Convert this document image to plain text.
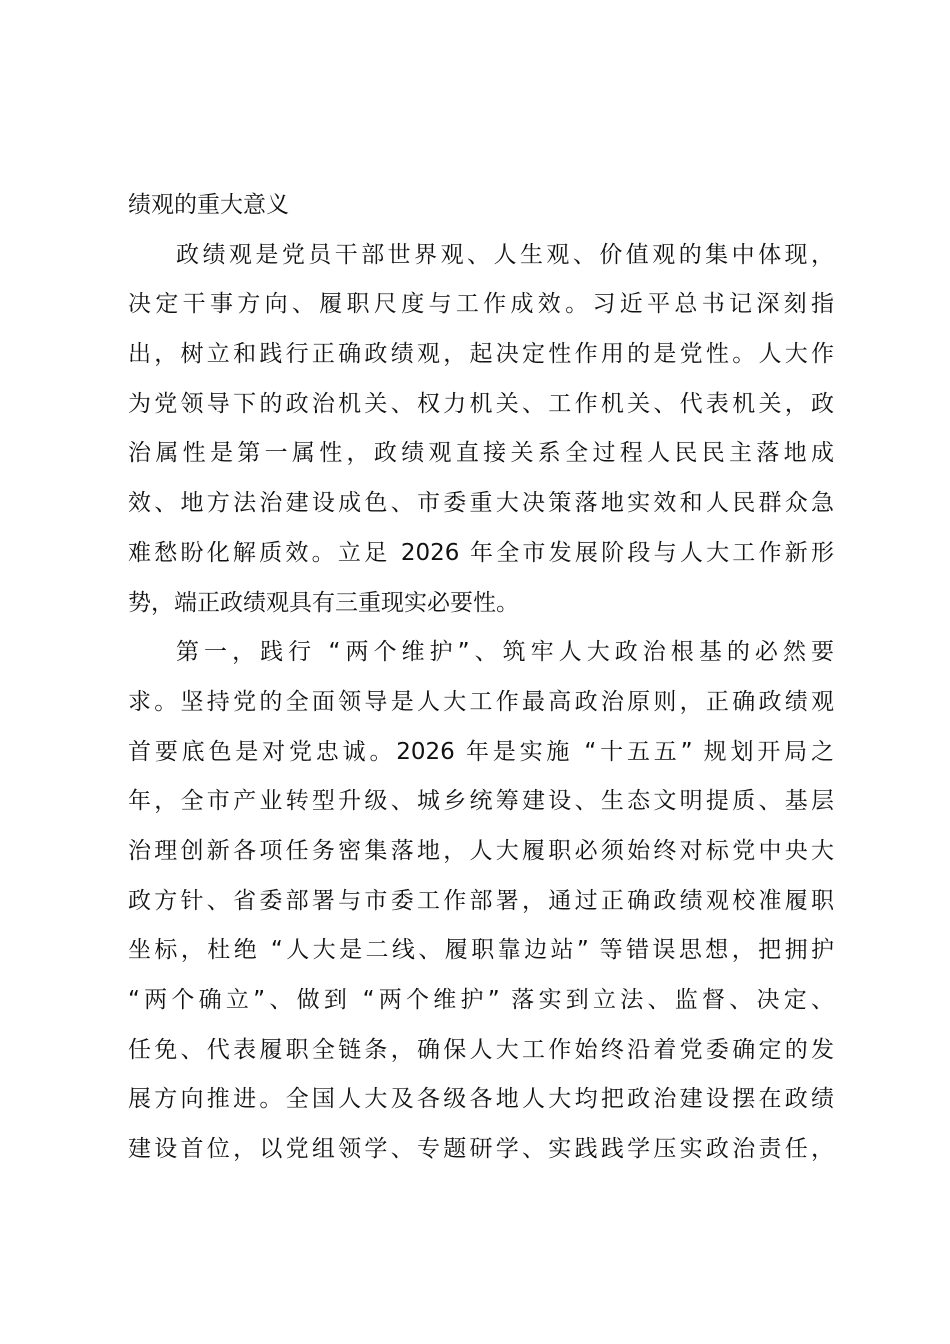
绩观的重大意义
政绩观是党员干部世界观、人生观、价值观的集中体现，
决定干事方向、履职尺度与工作成效。习近平总书记深刻指
出，树立和践行正确政绩观，起决定性作用的是党性。人大作
为党领导下的政治机关、权力机关、工作机关、代表机关，政
治属性是第一属性，政绩观直接关系全过程人民民主落地成
效、地方法治建设成色、市委重大决策落地实效和人民群众急
难愁盼化解质效。立足 2026 年全市发展阶段与人大工作新形
势，端正政绩观具有三重现实必要性。
第一，践行 “两个维护”、筑牢人大政治根基的必然要
求。坚持党的全面领导是人大工作最高政治原则，正确政绩观
首要底色是对党忠诚。2026 年是实施 “十五五” 规划开局之
年，全市产业转型升级、城乡统筹建设、生态文明提质、基层
治理创新各项任务密集落地，人大履职必须始终对标党中央大
政方针、省委部署与市委工作部署，通过正确政绩观校准履职
坐标，杜绝 “人大是二线、履职靠边站” 等错误思想，把拥护
“两个确立”、做到 “两个维护” 落实到立法、监督、决定、
任免、代表履职全链条，确保人大工作始终沿着党委确定的发
展方向推进。全国人大及各级各地人大均把政治建设摆在政绩
建设首位，以党组领学、专题研学、实践践学压实政治责任，
